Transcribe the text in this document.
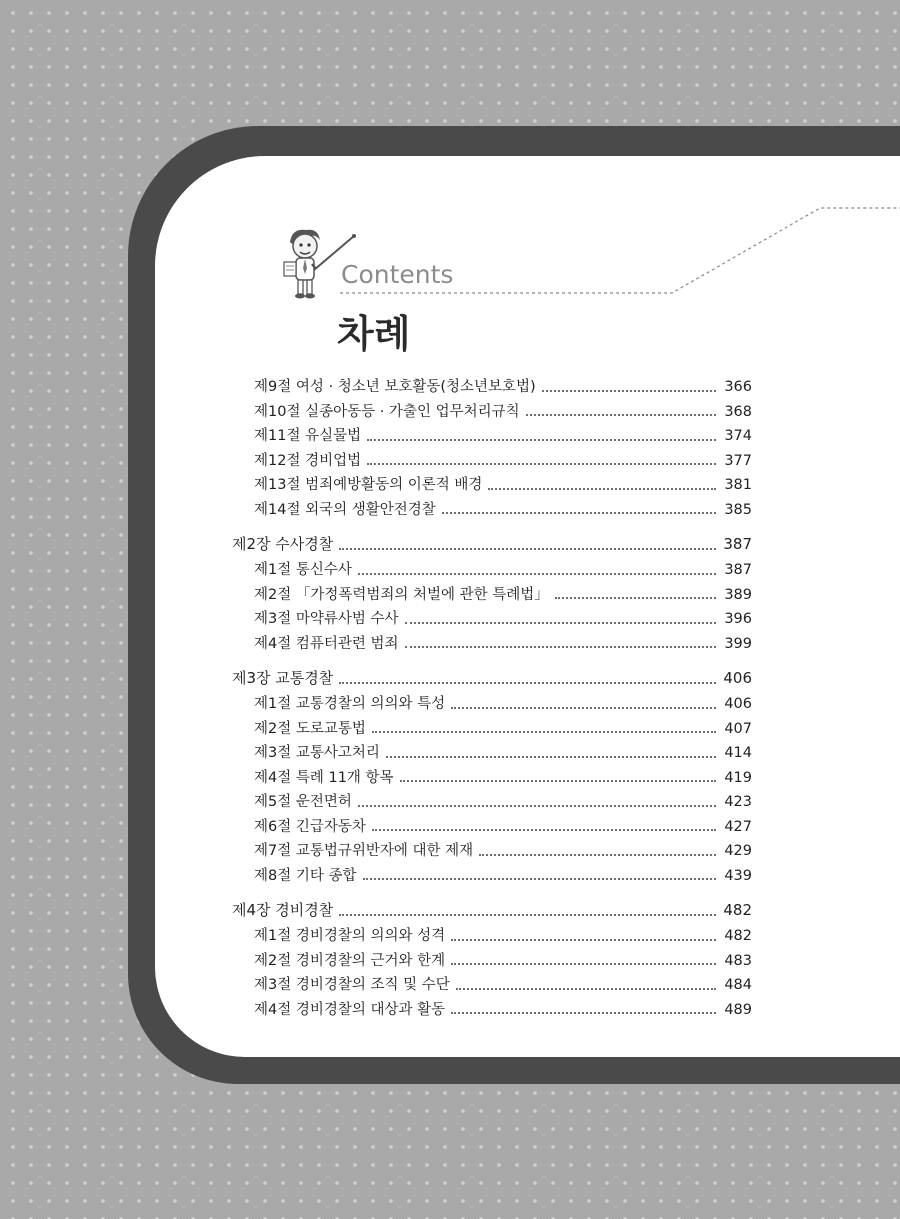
Contents
차례
제9절 여성 · 청소년 보호활동(청소년보호법)	366
제10절 실종아동등 · 가출인 업무처리규칙	368
제11절 유실물법	374
제12절 경비업법	377
제13절 범죄예방활동의 이론적 배경	381
제14절 외국의 생활안전경찰	385
제2장 수사경찰	387
제1절 통신수사	387
제2절 「가정폭력범죄의 처벌에 관한 특례법」	389
제3절 마약류사범 수사	396
제4절 컴퓨터관련 범죄	399
제3장 교통경찰	406
제1절 교통경찰의 의의와 특성	406
제2절 도로교통법	407
제3절 교통사고처리	414
제4절 특례 11개 항목	419
제5절 운전면허	423
제6절 긴급자동차	427
제7절 교통법규위반자에 대한 제재	429
제8절 기타 종합	439
제4장 경비경찰	482
제1절 경비경찰의 의의와 성격	482
제2절 경비경찰의 근거와 한계	483
제3절 경비경찰의 조직 및 수단	484
제4절 경비경찰의 대상과 활동	489
